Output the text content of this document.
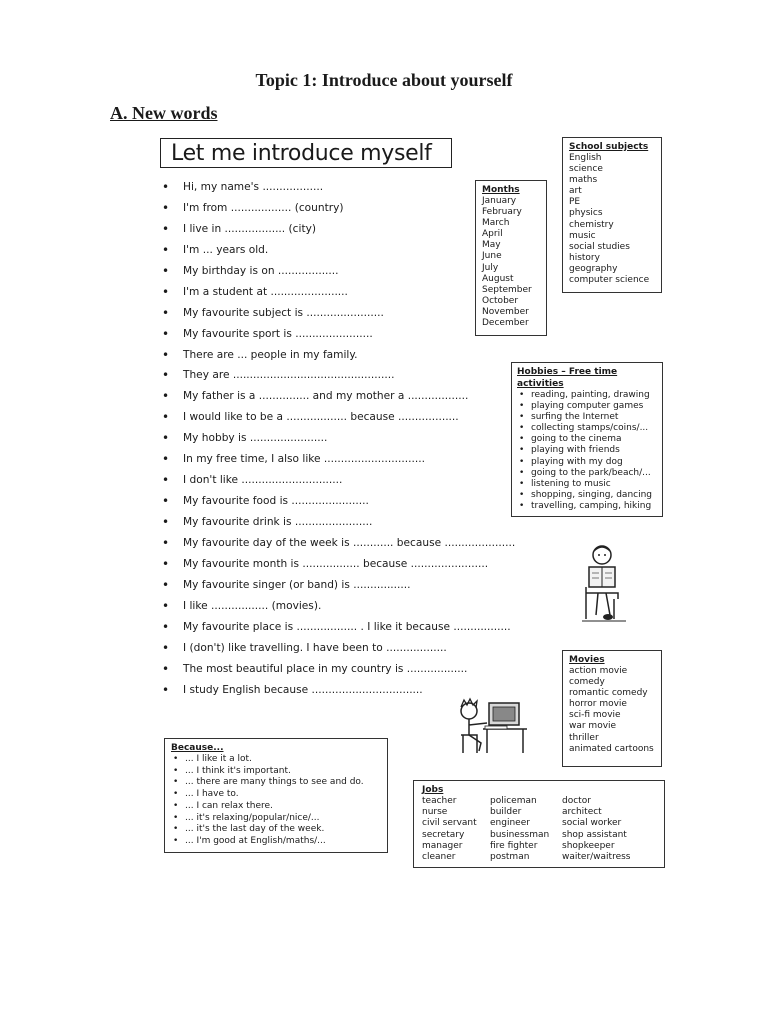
Topic 1: Introduce about yourself
A. New words
Let me introduce myself
• Hi, my name's ..................
• I'm from .................. (country)
• I live in .................. (city)
• I'm ... years old.
• My birthday is on ..................
• I'm a student at .......................
• My favourite subject is .......................
• My favourite sport is .......................
• There are ... people in my family.
• They are ................................................
• My father is a ............... and my mother a ..................
• I would like to be a .................. because ..................
• My hobby is .......................
• In my free time, I also like ..............................
• I don't like ..............................
• My favourite food is .......................
• My favourite drink is .......................
• My favourite day of the week is ............ because .....................
• My favourite month is ................. because .......................
• My favourite singer (or band) is .................
• I like ................. (movies).
• My favourite place is .................. . I like it because .................
• I (don't) like travelling. I have been to ..................
• The most beautiful place in my country is ..................
• I study English because .................................
Months
January
February
March
April
May
June
July
August
September
October
November
December
School subjects
English
science
maths
art
PE
physics
chemistry
music
social studies
history
geography
computer science
Hobbies – Free time activities
• reading, painting, drawing
• playing computer games
• surfing the Internet
• collecting stamps/coins/...
• going to the cinema
• playing with friends
• playing with my dog
• going to the park/beach/...
• listening to music
• shopping, singing, dancing
• travelling, camping, hiking
Movies
action movie
comedy
romantic comedy
horror movie
sci-fi movie
war movie
thriller
animated cartoons
Because...
• ... I like it a lot.
• ... I think it's important.
• ... there are many things to see and do.
• ... I have to.
• ... I can relax there.
• ... it's relaxing/popular/nice/...
• ... it's the last day of the week.
• ... I'm good at English/maths/...
Jobs
teacher	policeman	doctor
nurse	builder	architect
civil servant	engineer	social worker
secretary	businessman	shop assistant
manager	fire fighter	shopkeeper
cleaner	postman	waiter/waitress
